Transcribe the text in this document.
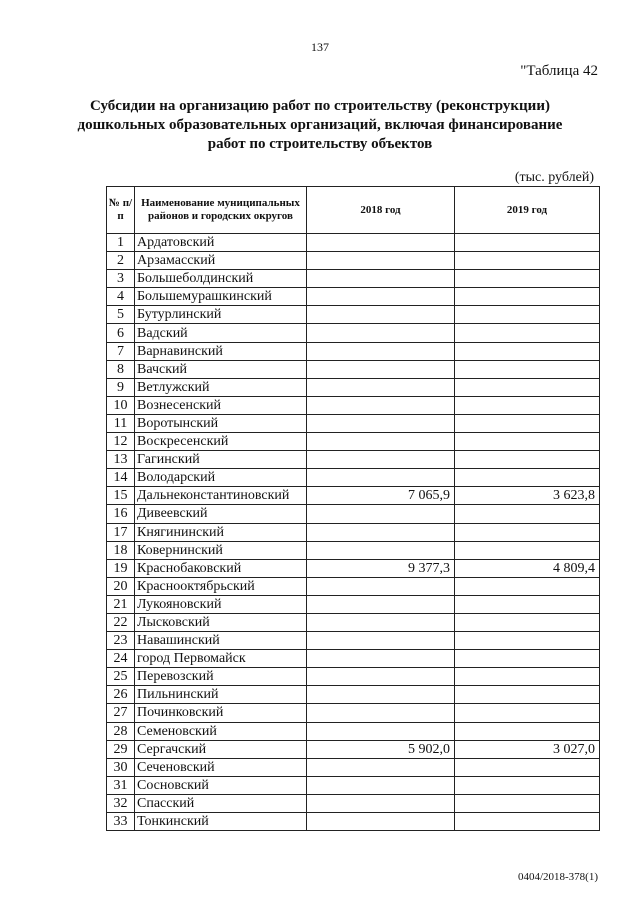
137
"Таблица 42
Субсидии на организацию работ по строительству (реконструкции) дошкольных образовательных организаций, включая финансирование работ по строительству объектов
(тыс. рублей)
№ п/п	Наименование муниципальных районов и городских округов	2018 год	2019 год
1	Ардатовский		
2	Арзамасский		
3	Большеболдинский		
4	Большемурашкинский		
5	Бутурлинский		
6	Вадский		
7	Варнавинский		
8	Вачский		
9	Ветлужский		
10	Вознесенский		
11	Воротынский		
12	Воскресенский		
13	Гагинский		
14	Володарский		
15	Дальнеконстантиновский	7 065,9	3 623,8
16	Дивеевский		
17	Княгининский		
18	Ковернинский		
19	Краснобаковский	9 377,3	4 809,4
20	Краснооктябрьский		
21	Лукояновский		
22	Лысковский		
23	Навашинский		
24	город Первомайск		
25	Перевозский		
26	Пильнинский		
27	Починковский		
28	Семеновский		
29	Сергачский	5 902,0	3 027,0
30	Сеченовский		
31	Сосновский		
32	Спасский		
33	Тонкинский		
0404/2018-378(1)
